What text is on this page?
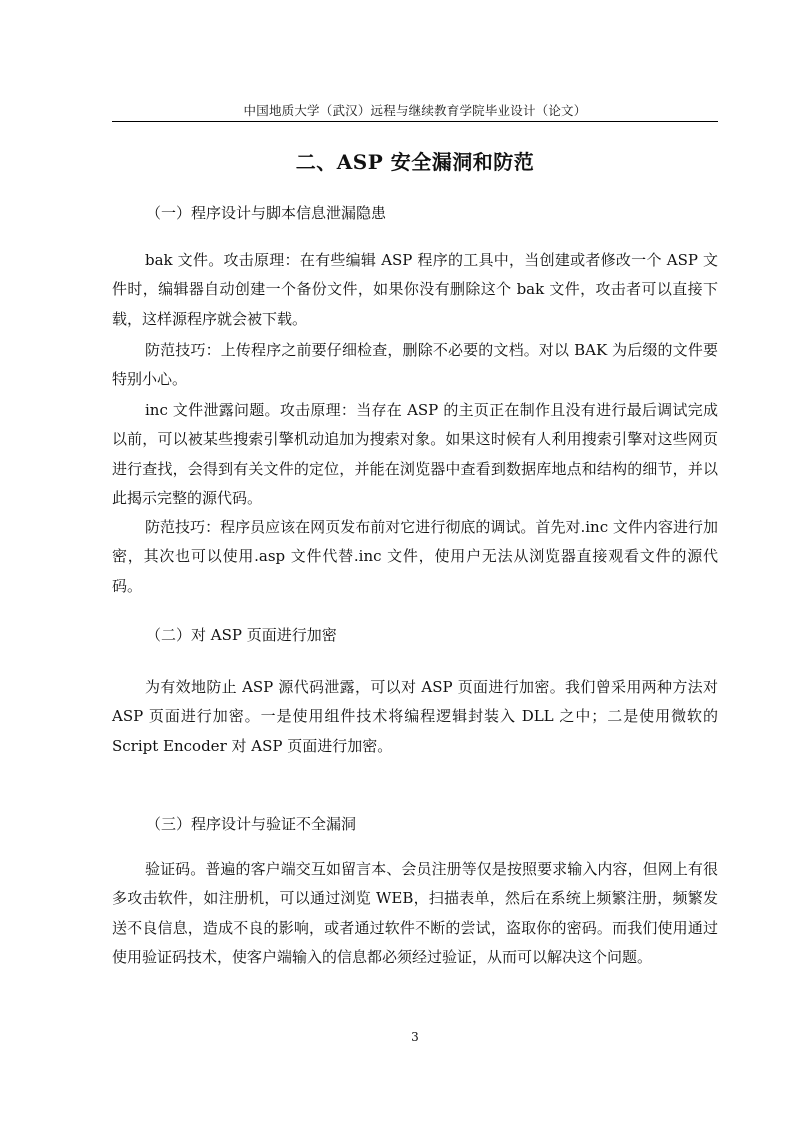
中国地质大学（武汉）远程与继续教育学院毕业设计（论文）
二、ASP 安全漏洞和防范
（一）程序设计与脚本信息泄漏隐患

bak 文件。攻击原理：在有些编辑 ASP 程序的工具中，当创建或者修改一个 ASP 文件时，编辑器自动创建一个备份文件，如果你没有删除这个 bak 文件，攻击者可以直接下载，这样源程序就会被下载。

防范技巧：上传程序之前要仔细检查，删除不必要的文档。对以 BAK 为后缀的文件要特别小心。

inc 文件泄露问题。攻击原理：当存在 ASP 的主页正在制作且没有进行最后调试完成以前，可以被某些搜索引擎机动追加为搜索对象。如果这时候有人利用搜索引擎对这些网页进行查找，会得到有关文件的定位，并能在浏览器中查看到数据库地点和结构的细节，并以此揭示完整的源代码。

防范技巧：程序员应该在网页发布前对它进行彻底的调试。首先对.inc 文件内容进行加密，其次也可以使用.asp 文件代替.inc 文件，使用户无法从浏览器直接观看文件的源代码。

（二）对 ASP 页面进行加密

为有效地防止 ASP 源代码泄露，可以对 ASP 页面进行加密。我们曾采用两种方法对 ASP 页面进行加密。一是使用组件技术将编程逻辑封装入 DLL 之中；二是使用微软的 Script Encoder 对 ASP 页面进行加密。

（三）程序设计与验证不全漏洞

验证码。普遍的客户端交互如留言本、会员注册等仅是按照要求输入内容，但网上有很多攻击软件，如注册机，可以通过浏览 WEB，扫描表单，然后在系统上频繁注册，频繁发送不良信息，造成不良的影响，或者通过软件不断的尝试，盗取你的密码。而我们使用通过使用验证码技术，使客户端输入的信息都必须经过验证，从而可以解决这个问题。

3
